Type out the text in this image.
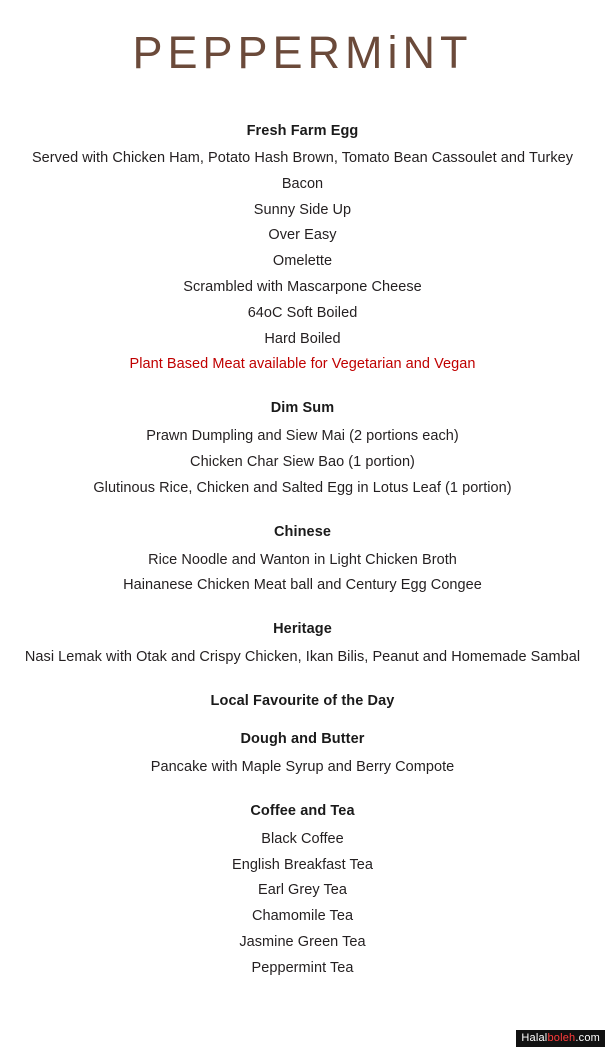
PEPPERMiNT
Fresh Farm Egg
Served with Chicken Ham, Potato Hash Brown, Tomato Bean Cassoulet and Turkey Bacon
Sunny Side Up
Over Easy
Omelette
Scrambled with Mascarpone Cheese
64oC Soft Boiled
Hard Boiled
Plant Based Meat available for Vegetarian and Vegan
Dim Sum
Prawn Dumpling and Siew Mai (2 portions each)
Chicken Char Siew Bao (1 portion)
Glutinous Rice, Chicken and Salted Egg in Lotus Leaf (1 portion)
Chinese
Rice Noodle and Wanton in Light Chicken Broth
Hainanese Chicken Meat ball and Century Egg Congee
Heritage
Nasi Lemak with Otak and Crispy Chicken, Ikan Bilis, Peanut and Homemade Sambal
Local Favourite of the Day
Dough and Butter
Pancake with Maple Syrup and Berry Compote
Coffee and Tea
Black Coffee
English Breakfast Tea
Earl Grey Tea
Chamomile Tea
Jasmine Green Tea
Peppermint Tea
Halalboleh.com
